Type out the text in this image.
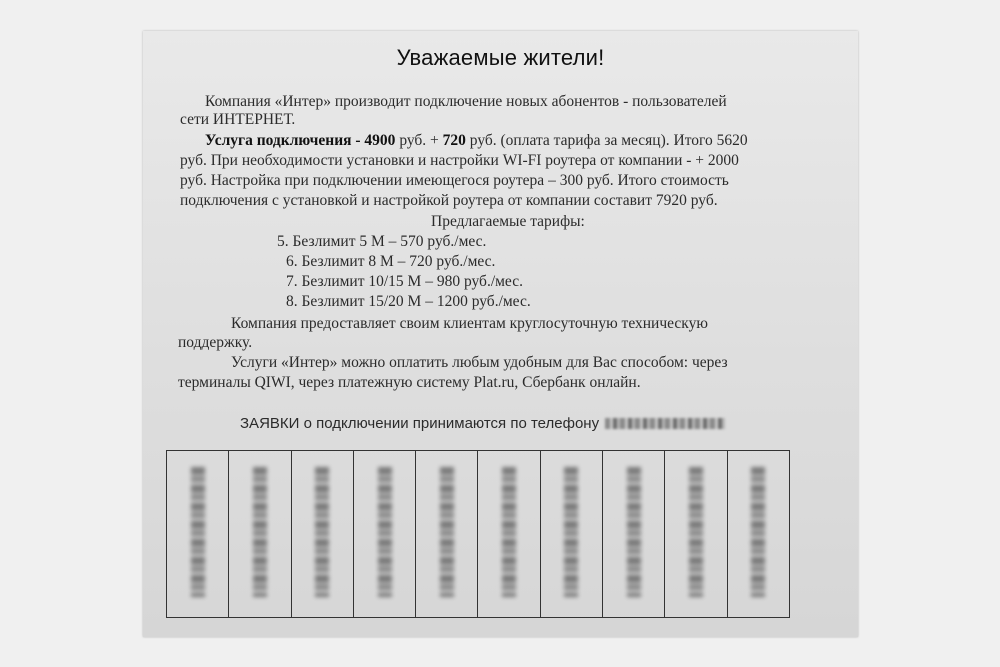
Уважаемые жители!
Компания «Интер» производит подключение новых абонентов - пользователей
сети ИНТЕРНЕТ.
Услуга подключения - 4900 руб. + 720 руб. (оплата тарифа за месяц). Итого 5620
руб. При необходимости установки и настройки WI-FI роутера от компании - + 2000
руб. Настройка при подключении имеющегося роутера – 300 руб. Итого стоимость
подключения с установкой и настройкой роутера от компании составит 7920 руб.
Предлагаемые тарифы:
5. Безлимит 5 М – 570 руб./мес.
6. Безлимит 8 М – 720 руб./мес.
7. Безлимит 10/15 М – 980 руб./мес.
8. Безлимит 15/20 М – 1200 руб./мес.
Компания предоставляет своим клиентам круглосуточную техническую
поддержку.
Услуги «Интер» можно оплатить любым удобным для Вас способом: через
терминалы QIWI, через платежную систему Plat.ru, Сбербанк онлайн.
ЗАЯВКИ о подключении принимаются по телефону
